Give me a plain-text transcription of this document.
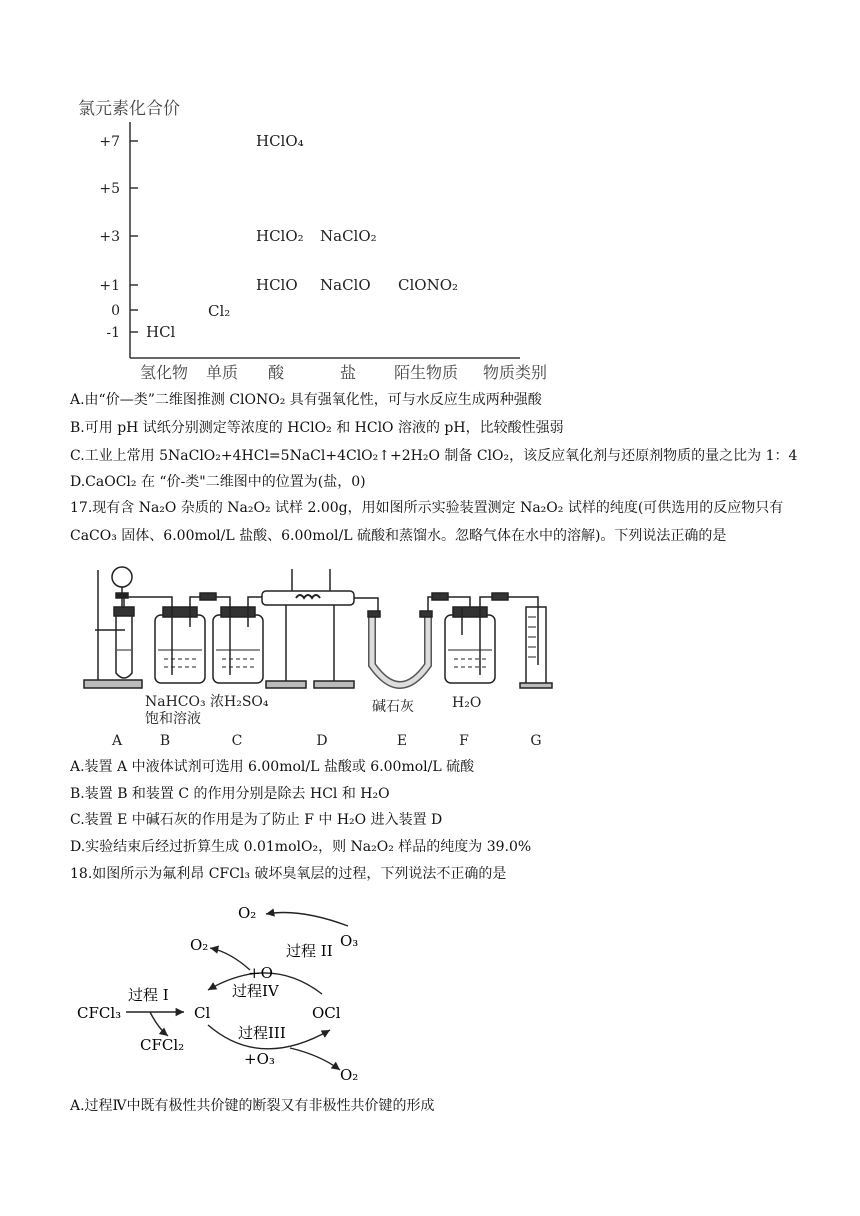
氯元素化合价
+7
+5
+3
+1
0
-1 HCl
Cl₂
HClO₄
HClO₂ NaClO₂
HClO NaClO ClONO₂
氢化物 单质 酸	盐 陌生物质 物质类别
A.由“价—类”二维图推测 ClONO₂ 具有强氧化性，可与水反应生成两种强酸
B.可用 pH 试纸分别测定等浓度的 HClO₂ 和 HClO 溶液的 pH，比较酸性强弱
C.工业上常用 5NaClO₂+4HCl=5NaCl+4ClO₂↑+2H₂O 制备 ClO₂，该反应氧化剂与还原剂物质的量之比为 1：4
D.CaOCl₂ 在 “价-类"二维图中的位置为(盐，0)
17.现有含 Na₂O 杂质的 Na₂O₂ 试样 2.00g，用如图所示实验装置测定 Na₂O₂ 试样的纯度(可供选用的反应物只有
CaCO₃ 固体、6.00mol/L 盐酸、6.00mol/L 硫酸和蒸馏水。忽略气体在水中的溶解)。下列说法正确的是
NaHCO₃
饱和溶液
浓H₂SO₄	碱石灰	H₂O
A	B	C	D	E	F	G
A.装置 A 中液体试剂可选用 6.00mol/L 盐酸或 6.00mol/L 硫酸
B.装置 B 和装置 C 的作用分别是除去 HCl 和 H₂O
C.装置 E 中碱石灰的作用是为了防止 F 中 H₂O 进入装置 D
D.实验结束后经过折算生成 0.01molO₂，则 Na₂O₂ 样品的纯度为 39.0%
18.如图所示为氟利昂 CFCl₃ 破坏臭氧层的过程，下列说法不正确的是
CFCl₃
CFCl₂
Cl	OCl
过程 I
过程 II
过程III
过程IV
O₂
O₃
O₂
+O
+O₃
O₂
A.过程Ⅳ中既有极性共价键的断裂又有非极性共价键的形成
